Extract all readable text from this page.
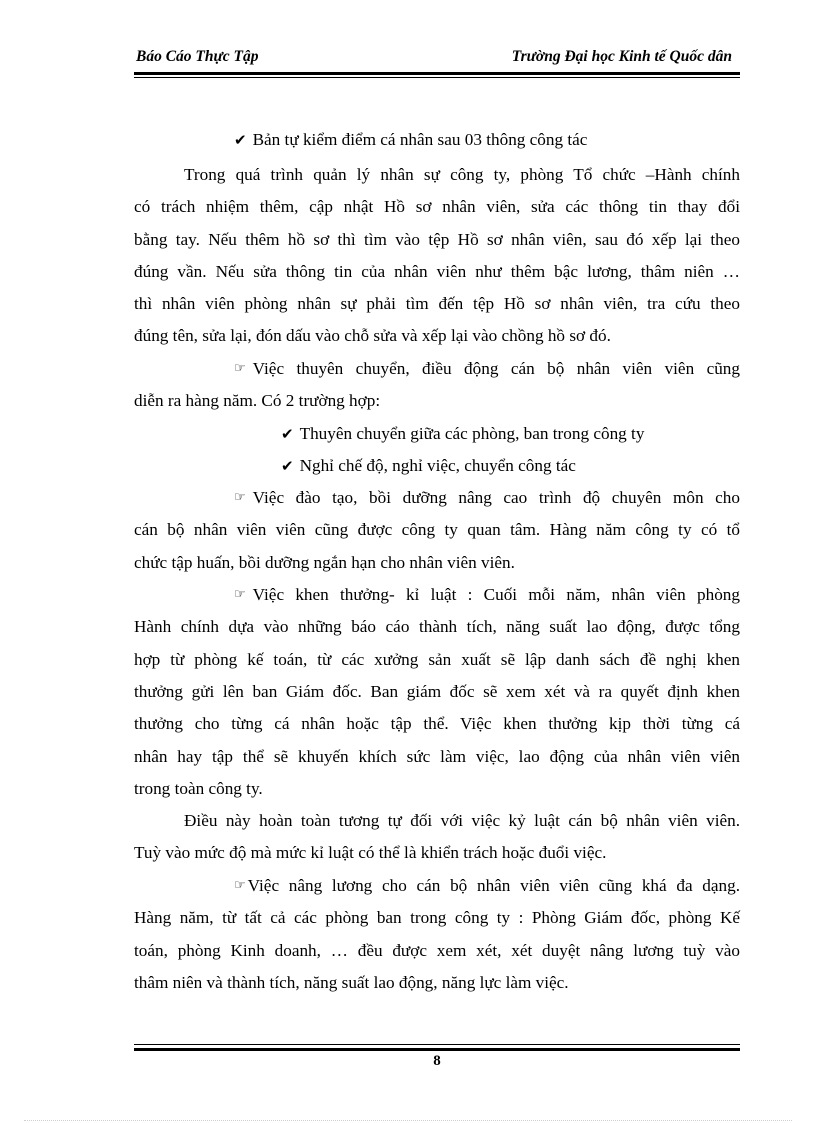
Báo Cáo Thực Tập	Trường Đại học Kinh tế Quốc dân
✔ Bản tự kiểm điểm cá nhân sau 03 thông công tác
Trong quá trình quản lý nhân sự công ty, phòng Tổ chức –Hành chính
có trách nhiệm thêm, cập nhật Hồ sơ nhân viên, sửa các thông tin thay đổi
bằng tay. Nếu thêm hồ sơ thì tìm vào tệp Hồ sơ nhân viên, sau đó xếp lại theo
đúng vần. Nếu sửa thông tin của nhân viên như thêm bậc lương, thâm niên …
thì nhân viên phòng nhân sự phải tìm đến tệp Hồ sơ nhân viên, tra cứu theo
đúng tên, sửa lại, đón dấu vào chỗ sửa và xếp lại vào chồng hồ sơ đó.
☞ Việc thuyên chuyển, điều động cán bộ nhân viên viên cũng
diễn ra hàng năm. Có 2 trường hợp:
✔ Thuyên chuyển giữa các phòng, ban trong công ty
✔ Nghỉ chế độ, nghỉ việc, chuyển công tác
☞ Việc đào tạo, bồi dưỡng nâng cao trình độ chuyên môn cho
cán bộ nhân viên viên cũng được công ty quan tâm. Hàng năm công ty có tổ
chức tập huấn, bồi dưỡng ngắn hạn cho nhân viên viên.
☞ Việc khen thưởng- kỉ luật : Cuối mỗi năm, nhân viên phòng
Hành chính dựa vào những báo cáo thành tích, năng suất lao động, được tổng
hợp từ phòng kế toán, từ các xưởng sản xuất sẽ lập danh sách đề nghị khen
thưởng gửi lên ban Giám đốc. Ban giám đốc sẽ xem xét và ra quyết định khen
thưởng cho từng cá nhân hoặc tập thể. Việc khen thưởng kịp thời từng cá
nhân hay tập thể sẽ khuyến khích sức làm việc, lao động của nhân viên viên
trong toàn công ty.
Điều này hoàn toàn tương tự đối với việc kỷ luật cán bộ nhân viên viên.
Tuỳ vào mức độ mà mức kỉ luật có thể là khiển trách hoặc đuổi việc.
☞ Việc nâng lương cho cán bộ nhân viên viên cũng khá đa dạng.
Hàng năm, từ tất cả các phòng ban trong công ty : Phòng Giám đốc, phòng Kế
toán, phòng Kinh doanh, … đều được xem xét, xét duyệt nâng lương tuỳ vào
thâm niên và thành tích, năng suất lao động, năng lực làm việc.
8
